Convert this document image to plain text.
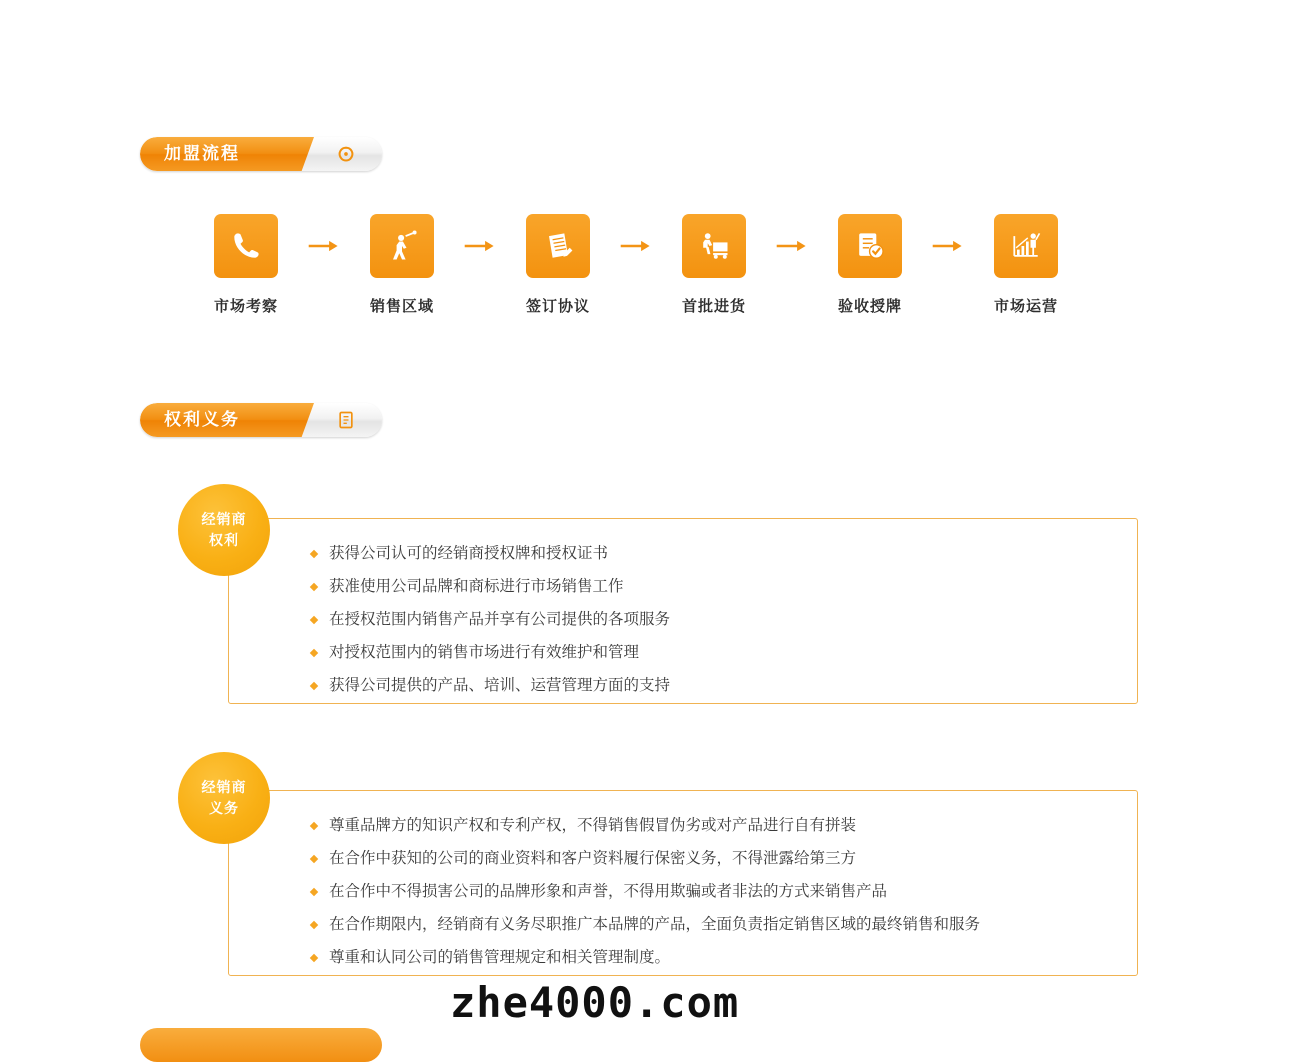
加盟流程
市场考察	销售区域	签订协议	首批进货	验收授牌	市场运营
权利义务
经销商
权利
获得公司认可的经销商授权牌和授权证书
获准使用公司品牌和商标进行市场销售工作
在授权范围内销售产品并享有公司提供的各项服务
对授权范围内的销售市场进行有效维护和管理
获得公司提供的产品、培训、运营管理方面的支持
经销商
义务
尊重品牌方的知识产权和专利产权，不得销售假冒伪劣或对产品进行自有拼装
在合作中获知的公司的商业资料和客户资料履行保密义务，不得泄露给第三方
在合作中不得损害公司的品牌形象和声誉，不得用欺骗或者非法的方式来销售产品
在合作期限内，经销商有义务尽职推广本品牌的产品，全面负责指定销售区域的最终销售和服务
尊重和认同公司的销售管理规定和相关管理制度。
zhe4000.com
